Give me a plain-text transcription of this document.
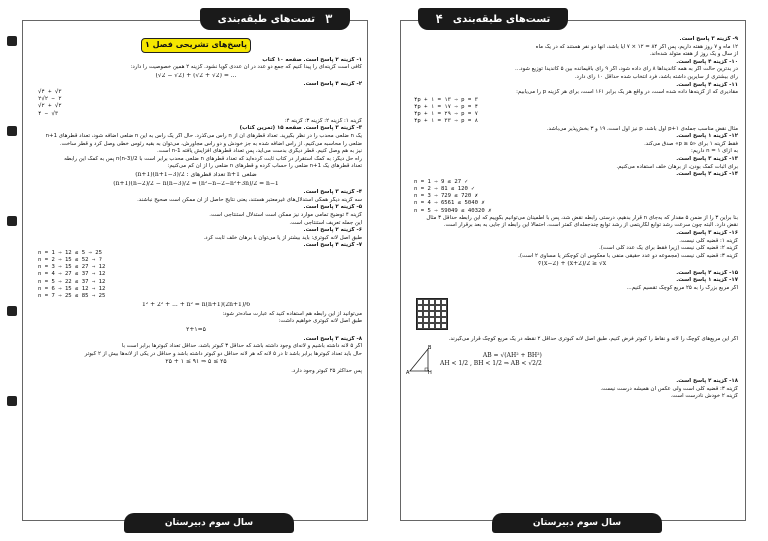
تست‌های طبقه‌بندی ۳
پاسخ‌های تشریحی فصل ۱
۱- گزینه ۲ پاسخ است. صفحه ۱۰ کتاب
کافی است گزینه‌ای را پیدا کنیم که جمع دو عدد در آن عددی گویا نشود. گزینه ۲ همین خصوصیت را دارد:
(√2 − √2) + (√2 + √2) = ...
۲- گزینه ۴ پاسخ است.
√۴ + √۳
۲√۲ − ۲
√۲ + √۲
۴ − √۳
گزینه ۱: گزینه ۲: گزینه ۳: گزینه ۴:
۳- گزینه ۳ پاسخ است. صفحه ۱۵ (تمرین کتاب)
یک n ضلعی محدب را در نظر بگیرید. تعداد قطرهای آن از n رأس می‌گذرد. حال اگر یک رأس به این n ضلعی اضافه شود، تعداد قطرهای n+1
ضلعی را محاسبه می‌کنیم. از رأس اضافه شده به جز خودش و دو رأس مجاورش، می‌توان به بقیه رئوس خطی وصل کرد و قطر ساخت.
نیز به هم وصل کنیم. قطر دیگری بدست می‌آید، پس تعداد قطرهای افزایش یافته n-1 است.
راه حل دیگر: به کمک استقرار در کتاب ثابت کرده‌اید که تعداد قطرهای n ضلعی محدب برابر است با n(n-3)/2 پس به کمک این رابطه
تعداد قطرهای یک n+1 ضلعی را حساب کرده و قطرهای n ضلعی را از آن کم می‌کنیم:
(n+1)(n+1−3)/2 : تعداد قطرهای n+1 ضلعی
(n+1)(n−2)/2 − n(n−3)/2 = (n²−n−2−n²+3n)/2 = n−1
۴- گزینه ۳ پاسخ است.
سه گزینه دیگر همگی استدلال‌های غیرمعتبر هستند، یعنی نتایج حاصل از آن ممکن است صحیح نباشند.
۵- گزینه ۲ پاسخ است.
گزینه ۴ توضیح تمامی موارد نیز ممکن است استدلال استنتاجی است.
این جمله تعریف استنتاجی است.
۶- گزینه ۲ پاسخ است.
طبق اصل لانه کبوتری: باید بیشتر از یا می‌توان با برهان خلف ثابت کرد.
۷- گزینه ۴ پاسخ است.
n = 1 ⇒ 12 ≤ 5 ⇒ 25
n = 2 ⇒ 15 ≤ 52 ⇒ ?
n = 3 ⇒ 15 ≤ 27 ⇒ 12
n = 4 ⇒ 27 ≤ 37 ⇒ 12
n = 5 ⇒ 22 ≤ 37 ⇒ 12
n = 6 ⇒ 15 ≤ 12 ⇒ 12
n = 7 ⇒ 25 ≤ 85 ⇒ 25
1² + 2² + ... + n² = n(n+1)(2n+1)/6
می‌توانید از این رابطه هم استفاده کنید که عبارت ساده‌تر شود:
طبق اصل لانه کبوتری خواهیم داشت:
۲+۱=۵
۸- گزینه ۳ پاسخ است.
اگر ۵ لانه داشته باشیم و لانه‌ای وجود داشته باشد که حداقل ۳ کبوتر باشد، حداقل تعداد کبوترها برابر است با
حال باید تعداد کبوترها برابر باشد تا در ۵ لانه که هر لانه حداقل دو کبوتر داشته باشد و حداقل در یکی از لانه‌ها بیش از ۲ کبوتر
۲۵ + ۱ ≤ ۹۱ ⇒ ۵ ≤ ۲۵
پس حداکثر ۲۵ کبوتر وجود دارد.
سال سوم دبیرستان
۴ تست‌های طبقه‌بندی
۹- گزینه ۳ پاسخ است.
۱۲ ماه و ۷ روز هفته داریم، پس اگر ۸۴ = ۱۲ × ۷ آیا باشد، آنها دو نفر هستند که در یک ماه
از سال و یک روز از هفته متولد شده‌اند.
۱۰- گزینه ۴ پاسخ است.
در بدترین حالت اگر به همه کاندیداها ۸ رأی داده شود، اگر ۹ رأی باقیمانده بین ۵ کاندیدا توزیع شود...
رأی بیشتری از سایرین داشته باشد، فرد انتخاب شده حداقل ۱۰ رأی دارد.
۱۱- گزینه ۴ پاسخ است.
مقادیری که از گزینه‌ها داده شده است، در واقع هر یک برابر ۱۶۱ است، برای هر گزینه p را می‌یابیم:
۴p + ۱ = ۱۳ ⇒ p = ۳
۴p + ۱ = ۱۷ ⇒ p = ۴
۴p + ۱ = ۲۹ ⇒ p = ۷
۴p + ۱ = ۳۳ ⇒ p = ۸
مثال نقض مناسب جمله‌ی p+۱ اول باشد، p نیز اول است، ۱۹ و ۳ بخش‌پذیر می‌باشد.
۱۲- گزینه ۱ پاسخ است.
فقط گزینه ۱ برای «p ≥ ۵» صدق می‌کند.
به ازای n = ۱ داریم:
۱۳- گزینه ۳ پاسخ است.
برای اثبات کمک بودن، از برهان خلف استفاده می‌کنیم.
۱۴- گزینه ۲ پاسخ است.
n = 1 ⇒ 9 ≤ 27 ✓
n = 2 ⇒ 81 ≤ 120 ✓
n = 3 ⇒ 729 ≤ 720 ✗
n = 4 ⇒ 6561 ≤ 5040 ✗
n = 5 ⇒ 59049 ≤ 40320 ✗
بنا براین ۳ را از ضمن ۵ مقدار که به‌جای n قرار بدهیم، درستی رابطه نقض شد، پس با اطمینان می‌توانیم بگوییم که این رابطه حداقل ۳ مثال
نقض دارد. البته چون سرعت رشد توابع لگاریتمی از رشد توابع چندجمله‌ای کمتر است، احتمالاً این رابطه از جایی به بعد برقرار است.
۱۶- گزینه ۳ پاسخ است.
گزینه ۱: قضیه کلی نیست.
گزینه ۲: قضیه کلی نیست (زیرا فقط برای یک عدد کلی است).
گزینه ۳: قضیه کلی نیست (مجموعه دو عدد حقیقی منفی با معکوس آن کوچکتر یا مساوی ۲ است).
∜(x−2) + (x+2)/2 ≥ √x
۱۵- گزینه ۲ پاسخ است.
۱۷- گزینه ۱ پاسخ است.
اگر مربع بزرگ را به ۲۵ مربع کوچک تقسیم کنیم...
اگر این مربع‌های کوچک را لانه و نقاط را کبوتر فرض کنیم، طبق اصل لانه کبوتری حداقل ۲ نقطه در یک مربع کوچک قرار می‌گیرند.
A
B
H
AB = √(AH² + BH²)
AH < 1/2 , BH < 1/2 ⇒ AB < √2/2
۱۸- گزینه ۲ پاسخ است.
گزینه ۳: قضیه کلی است ولی عکس آن همیشه درست نیست.
گزینه ۲ خودش نادرست است.
سال سوم دبیرستان
